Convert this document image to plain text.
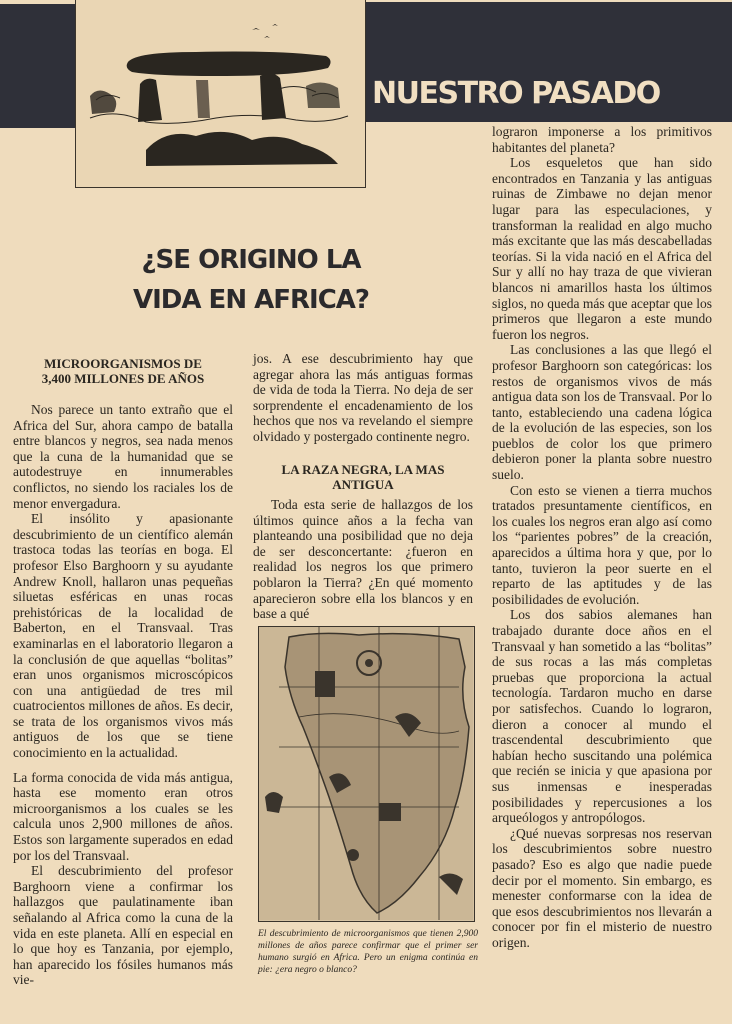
NUESTRO PASADO
¿SE ORIGINO LA
VIDA EN AFRICA?
MICROORGANISMOS DE
3,400 MILLONES DE AÑOS

Nos parece un tanto extraño que el Africa del Sur, ahora campo de batalla entre blancos y negros, sea nada menos que la cuna de la humanidad que se autodestruye en innumerables conflictos, no siendo los raciales los de menor envergadura.

El insólito y apasionante descubrimiento de un científico alemán trastoca todas las teorías en boga. El profesor Elso Barghoorn y su ayudante Andrew Knoll, hallaron unas pequeñas siluetas esféricas en unas rocas prehistóricas de la localidad de Baberton, en el Transvaal. Tras examinarlas en el laboratorio llegaron a la conclusión de que aquellas “bolitas” eran unos organismos microscópicos con una antigüedad de tres mil cuatrocientos millones de años. Es decir, se trata de los organismos vivos más antiguos de los que se tiene conocimiento en la actualidad.

La forma conocida de vida más antigua, hasta ese momento eran otros microorganismos a los cuales se les calcula unos 2,900 millones de años. Estos son largamente superados en edad por los del Transvaal.

El descubrimiento del profesor Barghoorn viene a confirmar los hallazgos que paulatinamente iban señalando al Africa como la cuna de la vida en este planeta. Allí en especial en lo que hoy es Tanzania, por ejemplo, han aparecido los fósiles humanos más vie-

jos. A ese descubrimiento hay que agregar ahora las más antiguas formas de vida de toda la Tierra. No deja de ser sorprendente el encadenamiento de los hechos que nos va revelando el siempre olvidado y postergado continente negro.

LA RAZA NEGRA, LA MAS
ANTIGUA

Toda esta serie de hallazgos de los últimos quince años a la fecha van planteando una posibilidad que no deja de ser desconcertante: ¿fueron en realidad los negros los que primero poblaron la Tierra? ¿En qué momento aparecieron sobre ella los blancos y en base a qué

El descubrimiento de microorganismos que tienen 2,900 millones de años parece confirmar que el primer ser humano surgió en Africa. Pero un enigma continúa en pie: ¿era negro o blanco?

lograron imponerse a los primitivos habitantes del planeta?

Los esqueletos que han sido encontrados en Tanzania y las antiguas ruinas de Zimbawe no dejan menor lugar para las especulaciones, y transforman la realidad en algo mucho más excitante que las más descabelladas teorías. Si la vida nació en el Africa del Sur y allí no hay traza de que vivieran blancos ni amarillos hasta los últimos siglos, no queda más que aceptar que los primeros que llegaron a este mundo fueron los negros.

Las conclusiones a las que llegó el profesor Barghoorn son categóricas: los restos de organismos vivos de más antigua data son los de Transvaal. Por lo tanto, estableciendo una cadena lógica de la evolución de las especies, son los pueblos de color los que primero debieron poner la planta sobre nuestro suelo.

Con esto se vienen a tierra muchos tratados presuntamente científicos, en los cuales los negros eran algo así como los “parientes pobres” de la creación, aparecidos a última hora y que, por lo tanto, tuvieron la peor suerte en el reparto de las aptitudes y de las posibilidades de evolución.

Los dos sabios alemanes han trabajado durante doce años en el Transvaal y han sometido a las “bolitas” de sus rocas a las más completas pruebas que proporciona la actual tecnología. Tardaron mucho en darse por satisfechos. Cuando lo lograron, dieron a conocer al mundo el trascendental descubrimiento que habían hecho suscitando una polémica que recién se inicia y que apasiona por sus inmensas e inesperadas posibilidades y repercusiones a los arqueólogos y antropólogos.

¿Qué nuevas sorpresas nos reservan los descubrimientos sobre nuestro pasado? Eso es algo que nadie puede decir por el momento. Sin embargo, es menester conformarse con la idea de que esos descubrimientos nos llevarán a conocer por fin el misterio de nuestro origen.
